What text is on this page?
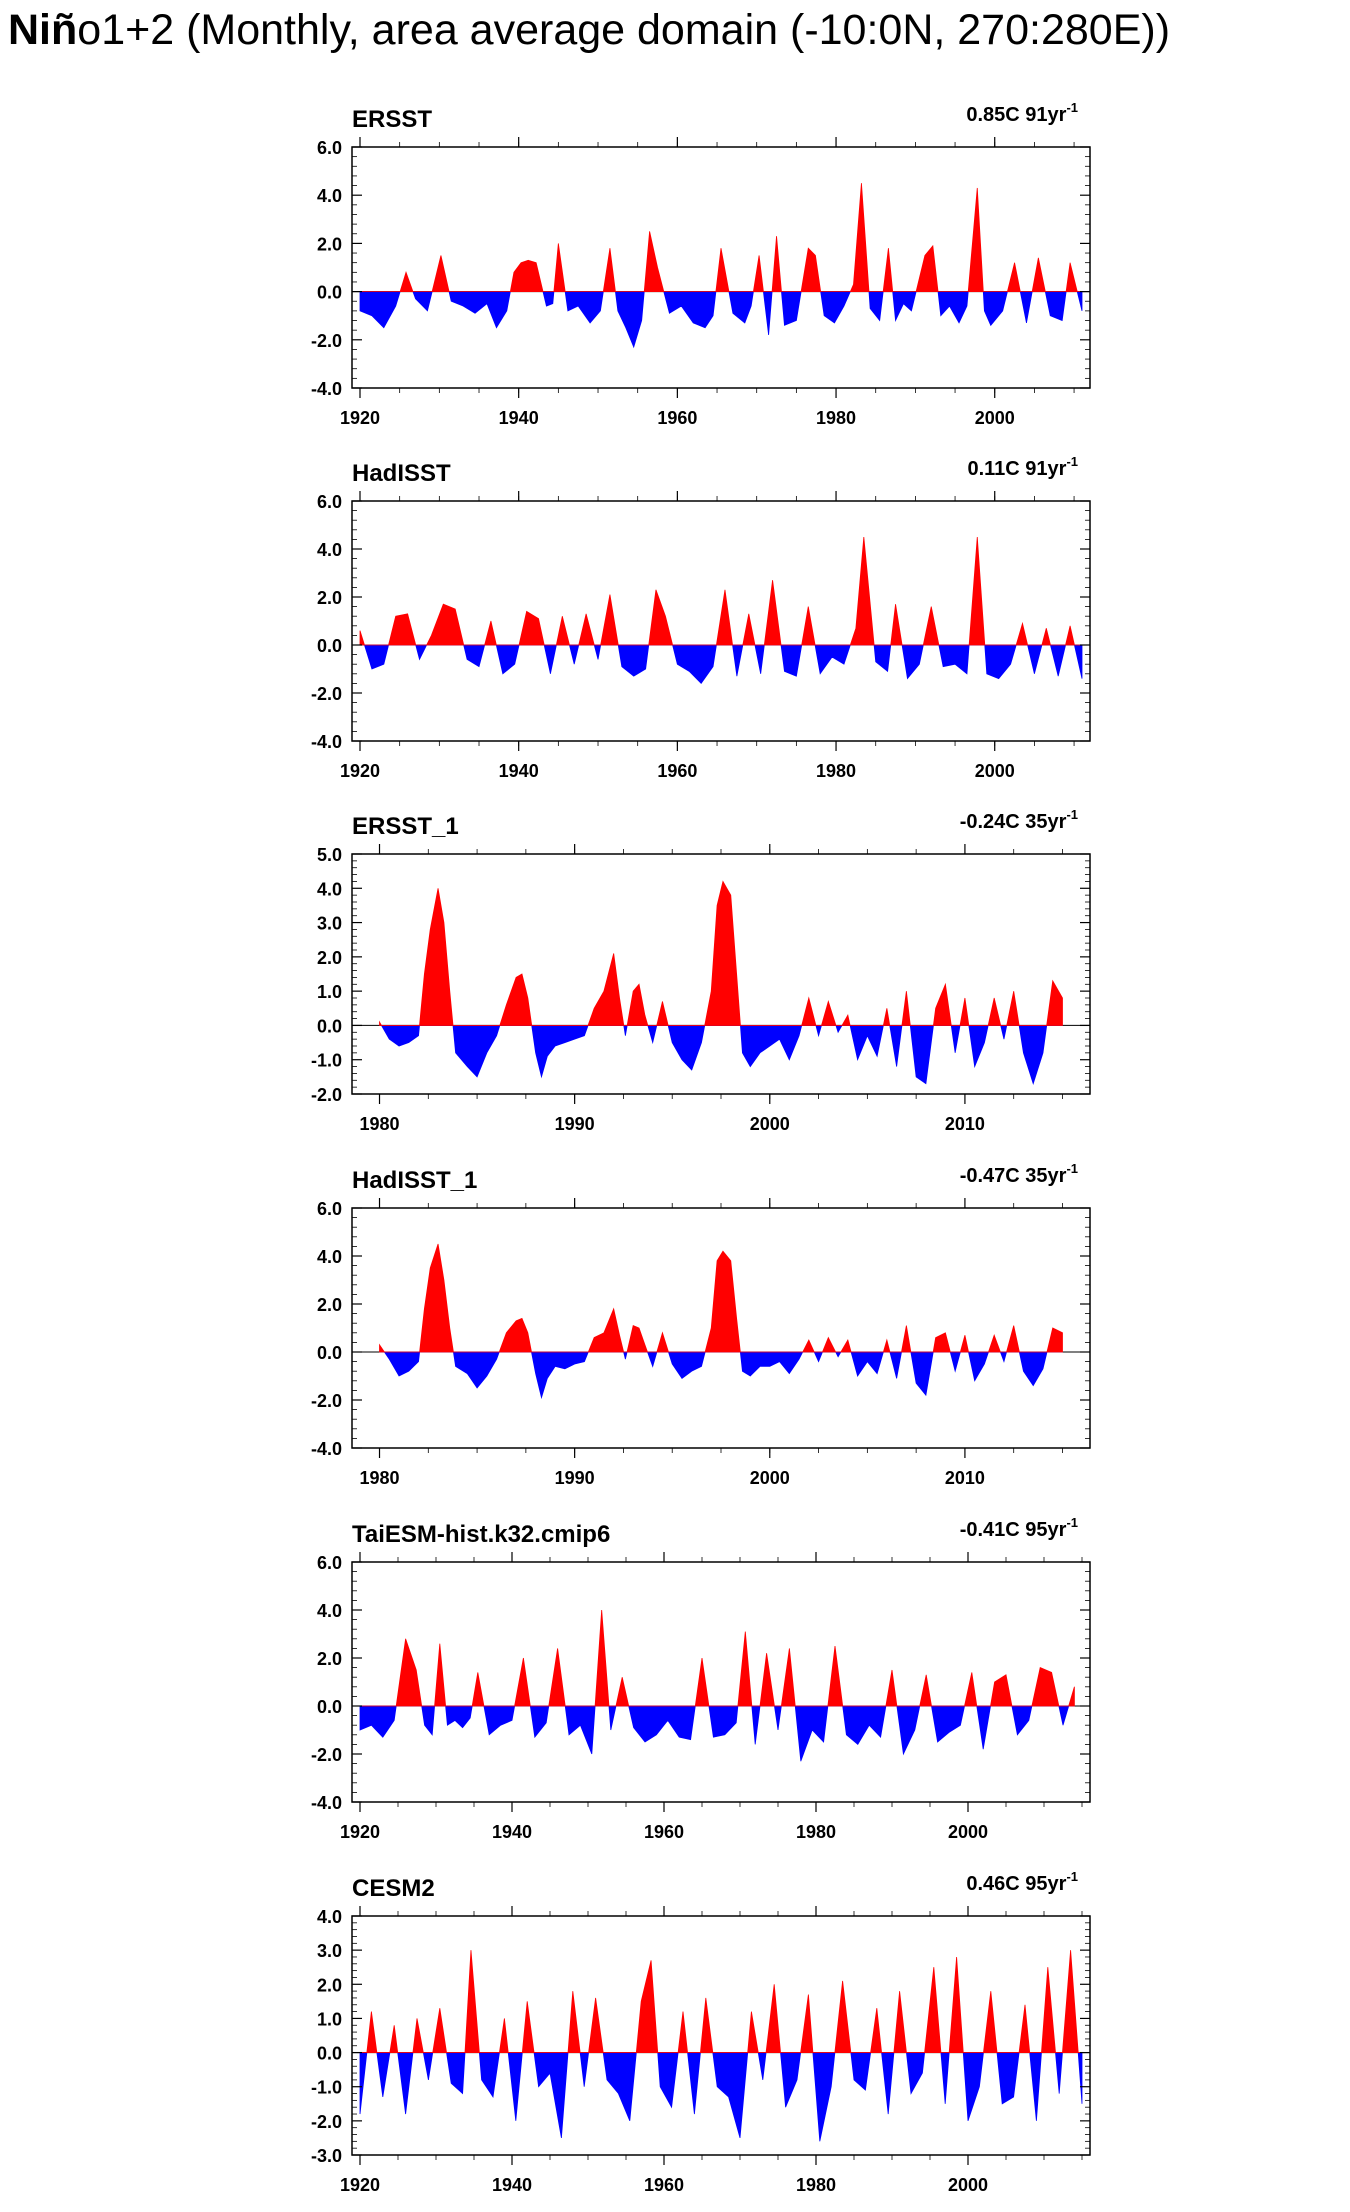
Niño1+2 (Monthly, area average domain (-10:0N, 270:280E))
ERSST	0.85C $91yr^{-1}$
-4.0
-2.0
0.0
2.0
4.0
6.0
1920	1940	1960	1980	2000
HadISST	0.11C $91yr^{-1}$
-4.0
-2.0
0.0
2.0
4.0
6.0
1920	1940	1960	1980	2000
ERSST_1	-0.24C $35yr^{-1}$
-2.0
-1.0
0.0
1.0
2.0
3.0
4.0
5.0
1980	1990	2000	2010
HadISST_1	-0.47C $35yr^{-1}$
-4.0
-2.0
0.0
2.0
4.0
6.0
1980	1990	2000	2010
TaiESM-hist.k32.cmip6	-0.41C $95yr^{-1}$
-4.0
-2.0
0.0
2.0
4.0
6.0
1920	1940	1960	1980	2000
CESM2	0.46C $95yr^{-1}$
-3.0
-2.0
-1.0
0.0
1.0
2.0
3.0
4.0
1920	1940	1960	1980	2000
